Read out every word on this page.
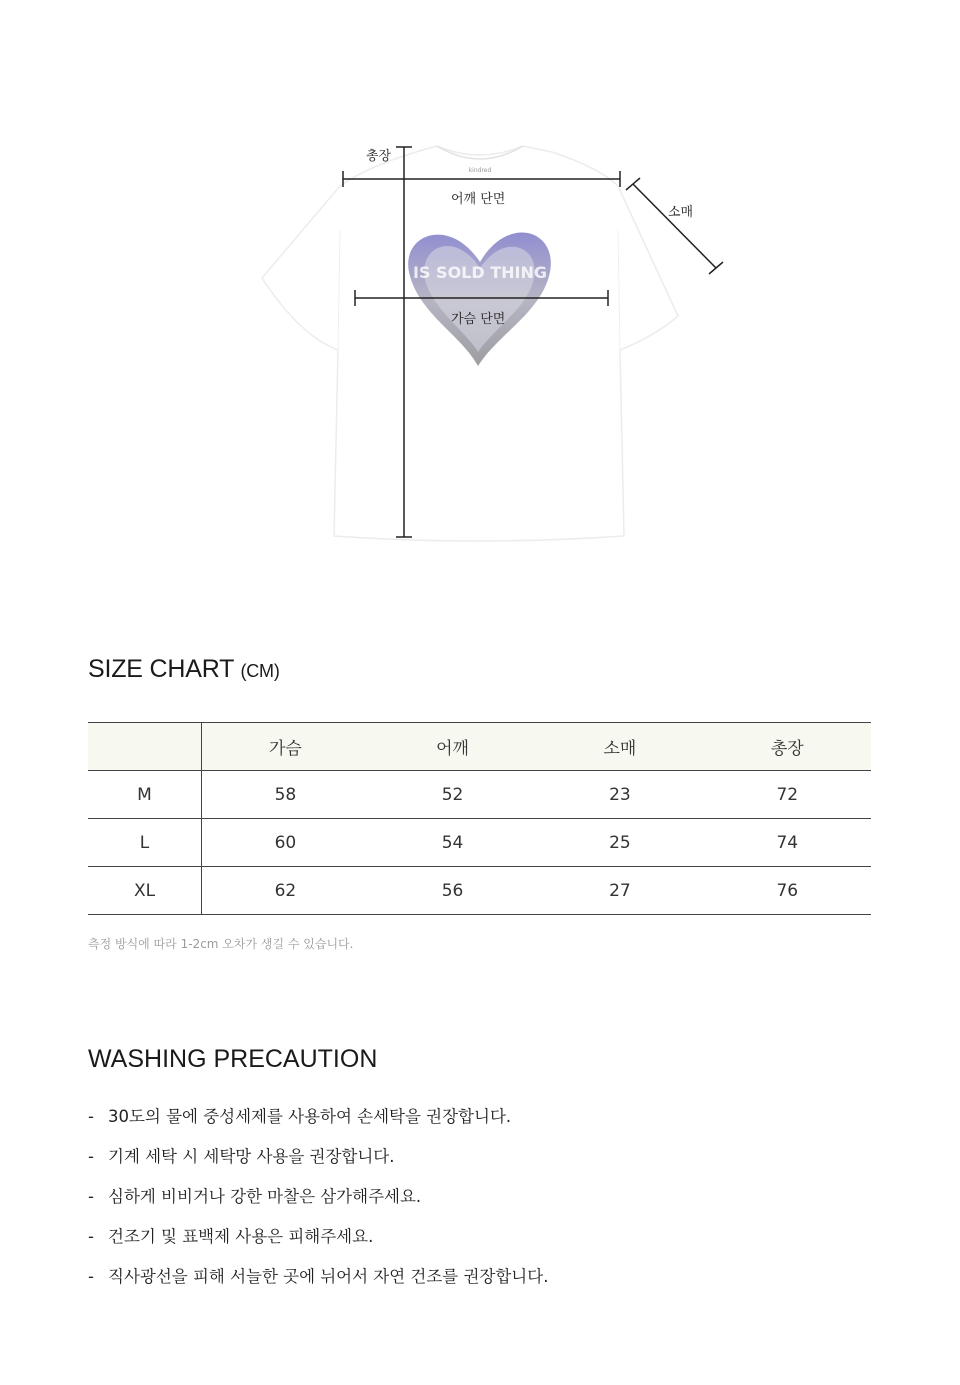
kindred
IS SOLD THING
총장
어깨 단면
소매
가슴 단면
SIZE CHART (CM)
	가슴	어깨	소매	총장
M	58	52	23	72
L	60	54	25	74
XL	62	56	27	76

측정 방식에 따라 1-2cm 오차가 생길 수 있습니다.

WASHING PRECAUTION
- 30도의 물에 중성세제를 사용하여 손세탁을 권장합니다.
- 기계 세탁 시 세탁망 사용을 권장합니다.
- 심하게 비비거나 강한 마찰은 삼가해주세요.
- 건조기 및 표백제 사용은 피해주세요.
- 직사광선을 피해 서늘한 곳에 뉘어서 자연 건조를 권장합니다.
